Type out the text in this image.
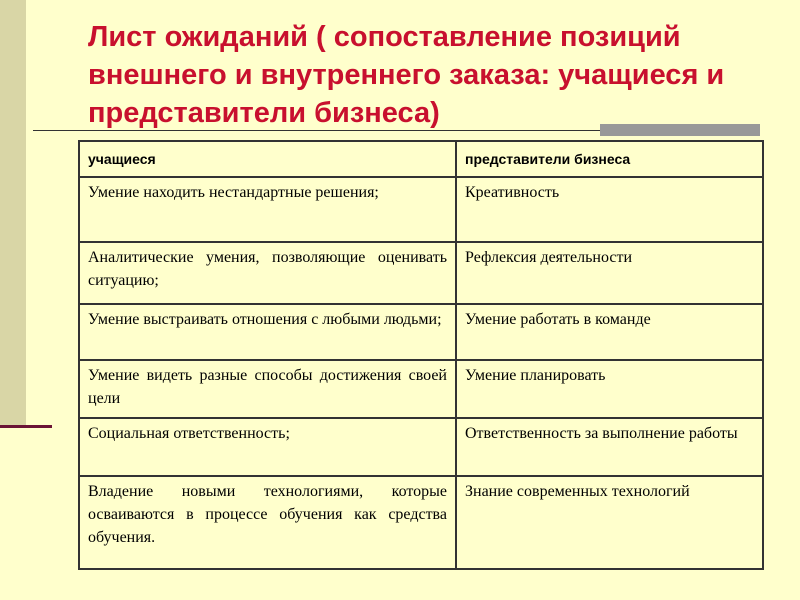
Лист ожиданий ( сопоставление позиций внешнего и внутреннего заказа: учащиеся и представители бизнеса)
учащиеся	представители бизнеса
Умение находить нестандартные решения;	Креативность
Аналитические умения, позволяющие оценивать ситуацию;	Рефлексия деятельности
Умение выстраивать отношения с любыми людьми;	Умение работать в команде
Умение видеть разные способы достижения своей цели	Умение планировать
Социальная ответственность;	Ответственность за выполнение работы
Владение новыми технологиями, которые осваиваются в процессе обучения как средства обучения.	Знание современных технологий
